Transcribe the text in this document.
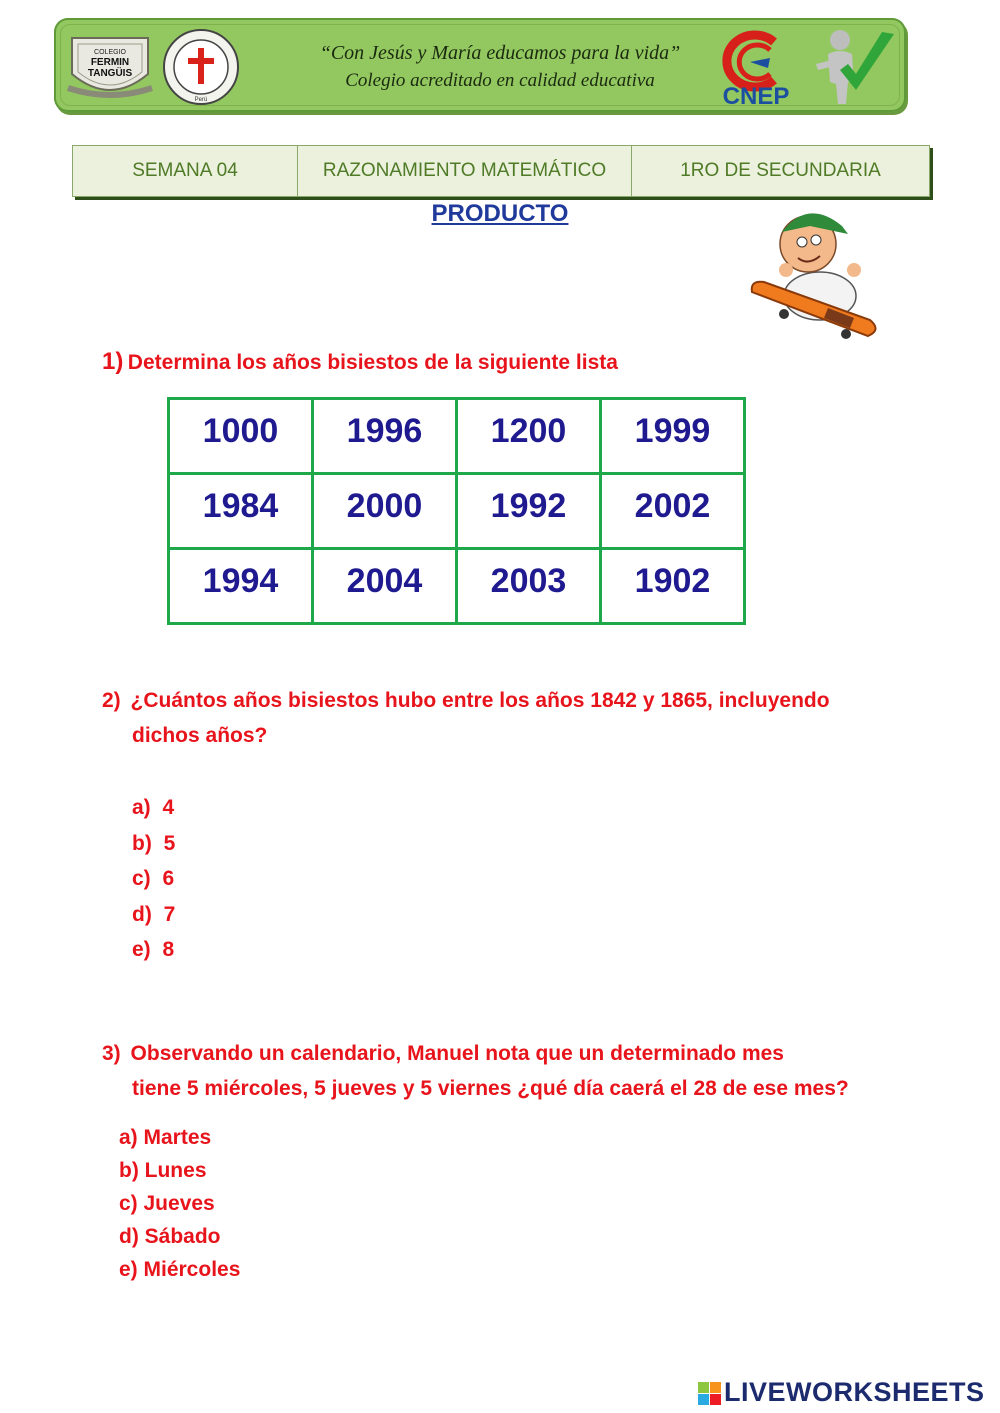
COLEGIO
FERMIN
TANGÜIS
Perú
“Con Jesús y María educamos para la vida”
Colegio acreditado en calidad educativa
CNEP
SEMANA 04	RAZONAMIENTO MATEMÁTICO	1RO DE SECUNDARIA
PRODUCTO
1) Determina los años bisiestos de la siguiente lista
1000	1996	1200	1999
1984	2000	1992	2002
1994	2004	2003	1902
2) ¿Cuántos años bisiestos hubo entre los años 1842 y 1865, incluyendo
dichos años?
a) 4
b) 5
c) 6
d) 7
e) 8
3) Observando un calendario, Manuel nota que un determinado mes
tiene 5 miércoles, 5 jueves y 5 viernes ¿qué día caerá el 28 de ese mes?
a) Martes
b) Lunes
c) Jueves
d) Sábado
e) Miércoles
LIVEWORKSHEETS
